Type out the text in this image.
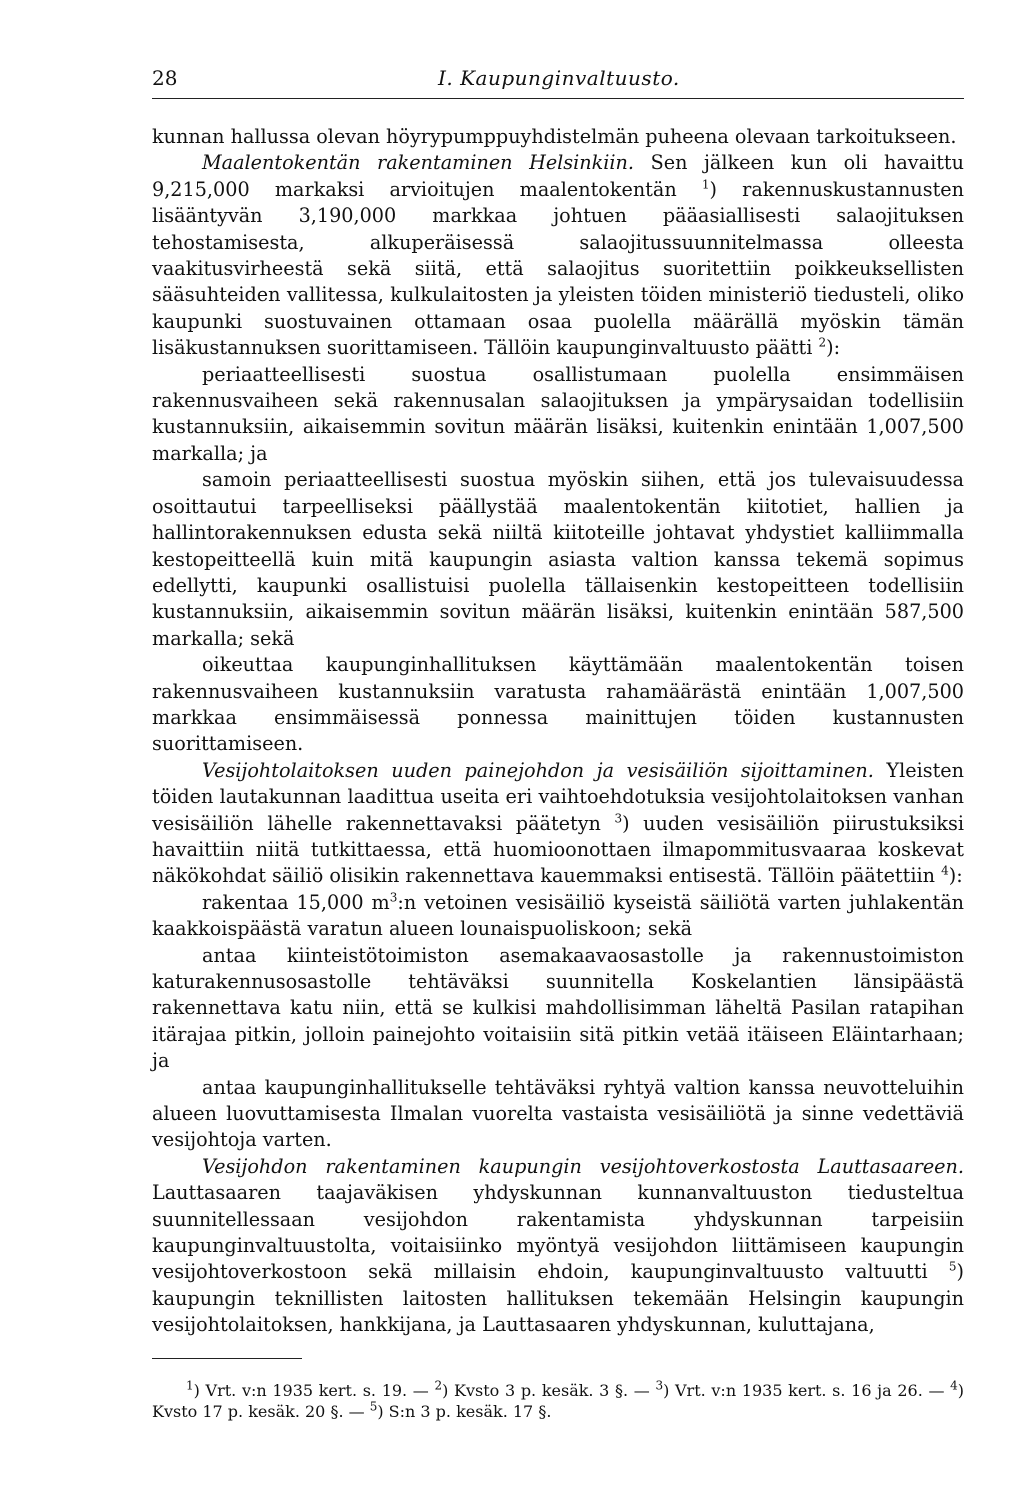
28	I. Kaupunginvaltuusto.

kunnan hallussa olevan höyrypumppuyhdistelmän puheena olevaan tarkoitukseen.

Maalentokentän rakentaminen Helsinkiin. Sen jälkeen kun oli havaittu 9,215,000 markaksi arvioitujen maalentokentän $^1$) rakennuskustannusten lisääntyvän 3,190,000 markkaa johtuen pääasiallisesti salaojituksen tehostamisesta, alkuperäisessä salaojitussuunnitelmassa olleesta vaakitusvirheestä sekä siitä, että salaojitus suoritettiin poikkeuksellisten sääsuhteiden vallitessa, kulkulaitosten ja yleisten töiden ministeriö tiedusteli, oliko kaupunki suostuvainen ottamaan osaa puolella määrällä myöskin tämän lisäkustannuksen suorittamiseen. Tällöin kaupunginvaltuusto päätti $^2$):

periaatteellisesti suostua osallistumaan puolella ensimmäisen rakennusvaiheen sekä rakennusalan salaojituksen ja ympärysaidan todellisiin kustannuksiin, aikaisemmin sovitun määrän lisäksi, kuitenkin enintään 1,007,500 markalla; ja

samoin periaatteellisesti suostua myöskin siihen, että jos tulevaisuudessa osoittautui tarpeelliseksi päällystää maalentokentän kiitotiet, hallien ja hallintorakennuksen edusta sekä niiltä kiitoteille johtavat yhdystiet kalliimmalla kestopeitteellä kuin mitä kaupungin asiasta valtion kanssa tekemä sopimus edellytti, kaupunki osallistuisi puolella tällaisenkin kestopeitteen todellisiin kustannuksiin, aikaisemmin sovitun määrän lisäksi, kuitenkin enintään 587,500 markalla; sekä

oikeuttaa kaupunginhallituksen käyttämään maalentokentän toisen rakennusvaiheen kustannuksiin varatusta rahamäärästä enintään 1,007,500 markkaa ensimmäisessä ponnessa mainittujen töiden kustannusten suorittamiseen.

Vesijohtolaitoksen uuden painejohdon ja vesisäiliön sijoittaminen. Yleisten töiden lautakunnan laadittua useita eri vaihtoehdotuksia vesijohtolaitoksen vanhan vesisäiliön lähelle rakennettavaksi päätetyn $^3$) uuden vesisäiliön piirustuksiksi havaittiin niitä tutkittaessa, että huomioonottaen ilmapommitusvaaraa koskevat näkökohdat säiliö olisikin rakennettava kauemmaksi entisestä. Tällöin päätettiin $^4$):

rakentaa 15,000 $m^3:n$ vetoinen vesisäiliö kyseistä säiliötä varten juhlakentän kaakkoispäästä varatun alueen lounaispuoliskoon; sekä

antaa kiinteistötoimiston asemakaavaosastolle ja rakennustoimiston katurakennusosastolle tehtäväksi suunnitella Koskelantien länsipäästä rakennettava katu niin, että se kulkisi mahdollisimman läheltä Pasilan ratapihan itärajaa pitkin, jolloin painejohto voitaisiin sitä pitkin vetää itäiseen Eläintarhaan; ja

antaa kaupunginhallitukselle tehtäväksi ryhtyä valtion kanssa neuvotteluihin alueen luovuttamisesta Ilmalan vuorelta vastaista vesisäiliötä ja sinne vedettäviä vesijohtoja varten.

Vesijohdon rakentaminen kaupungin vesijohtoverkostosta Lauttasaareen. Lauttasaaren taajaväkisen yhdyskunnan kunnanvaltuuston tiedusteltua suunnitellessaan vesijohdon rakentamista yhdyskunnan tarpeisiin kaupunginvaltuustolta, voitaisiinko myöntyä vesijohdon liittämiseen kaupungin vesijohtoverkostoon sekä millaisin ehdoin, kaupunginvaltuusto valtuutti $^5$) kaupungin teknillisten laitosten hallituksen tekemään Helsingin kaupungin vesijohtolaitoksen, hankkijana, ja Lauttasaaren yhdyskunnan, kuluttajana,

$^1$) Vrt. v:n 1935 kert. s. 19. — $^2$) Kvsto 3 p. kesäk. 3 §. — $^3$) Vrt. v:n 1935 kert. s. 16 ja 26. — $^4$) Kvsto 17 p. kesäk. 20 §. — $^5$) S:n 3 p. kesäk. 17 §.
